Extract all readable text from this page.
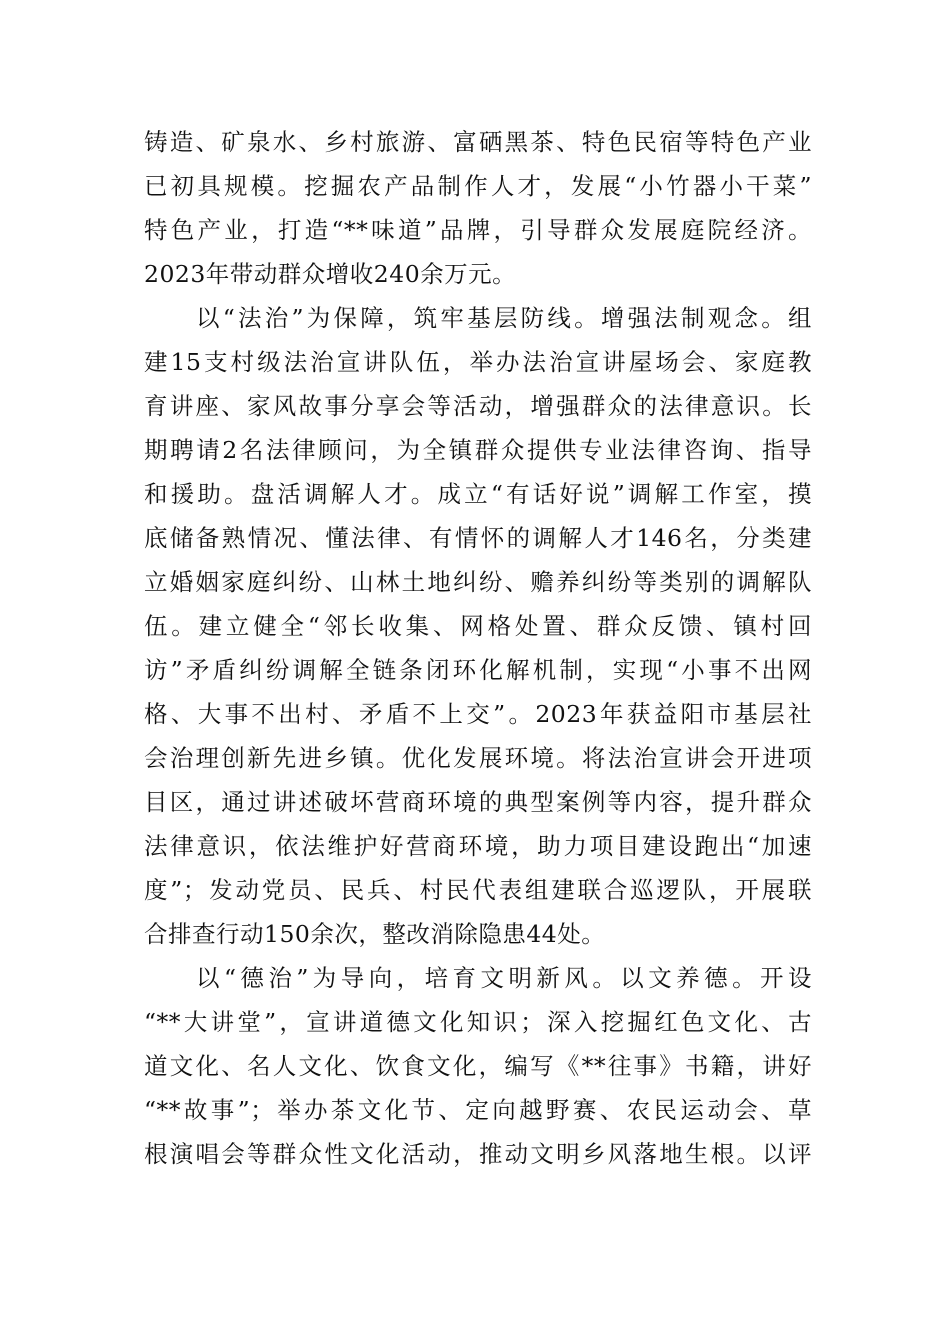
铸造、矿泉水、乡村旅游、富硒黑茶、特色民宿等特色产业
已初具规模。挖掘农产品制作人才，发展“小竹器小干菜”
特色产业，打造“**味道”品牌，引导群众发展庭院经济。
2023年带动群众增收240余万元。
以“法治”为保障，筑牢基层防线。增强法制观念。组
建15支村级法治宣讲队伍，举办法治宣讲屋场会、家庭教
育讲座、家风故事分享会等活动，增强群众的法律意识。长
期聘请2名法律顾问，为全镇群众提供专业法律咨询、指导
和援助。盘活调解人才。成立“有话好说”调解工作室，摸
底储备熟情况、懂法律、有情怀的调解人才146名，分类建
立婚姻家庭纠纷、山林土地纠纷、赡养纠纷等类别的调解队
伍。建立健全“邻长收集、网格处置、群众反馈、镇村回
访”矛盾纠纷调解全链条闭环化解机制，实现“小事不出网
格、大事不出村、矛盾不上交”。2023年获益阳市基层社
会治理创新先进乡镇。优化发展环境。将法治宣讲会开进项
目区，通过讲述破坏营商环境的典型案例等内容，提升群众
法律意识，依法维护好营商环境，助力项目建设跑出“加速
度”；发动党员、民兵、村民代表组建联合巡逻队，开展联
合排查行动150余次，整改消除隐患44处。
以“德治”为导向，培育文明新风。以文养德。开设
“**大讲堂”，宣讲道德文化知识；深入挖掘红色文化、古
道文化、名人文化、饮食文化，编写《**往事》书籍，讲好
“**故事”；举办茶文化节、定向越野赛、农民运动会、草
根演唱会等群众性文化活动，推动文明乡风落地生根。以评
